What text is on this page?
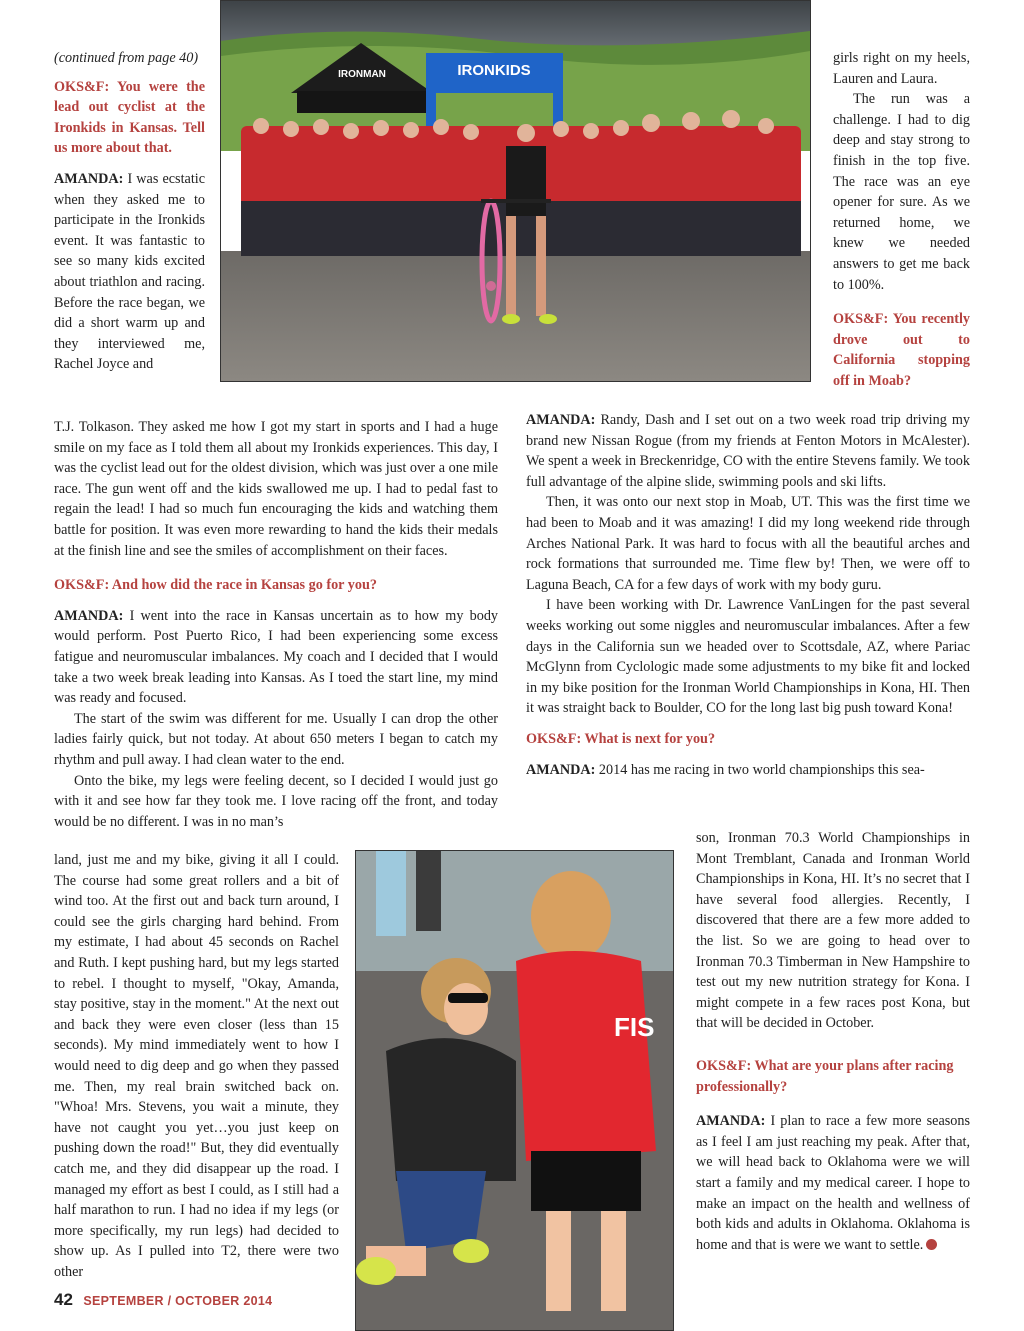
IRONMAN	IRONKIDS

(continued from page 40)

OKS&F: You were the lead out cyclist at the Ironkids in Kansas. Tell us more about that.

AMANDA: I was ecstatic when they asked me to participate in the Ironkids event. It was fantastic to see so many kids excited about triathlon and racing. Before the race began, we did a short warm up and they interviewed me, Rachel Joyce and

T.J. Tolkason. They asked me how I got my start in sports and I had a huge smile on my face as I told them all about my Ironkids experiences. This day, I was the cyclist lead out for the oldest division, which was just over a one mile race. The gun went off and the kids swallowed me up. I had to pedal fast to regain the lead! I had so much fun encouraging the kids and watching them battle for position. It was even more rewarding to hand the kids their medals at the finish line and see the smiles of accomplishment on their faces.

OKS&F: And how did the race in Kansas go for you?

AMANDA: I went into the race in Kansas uncertain as to how my body would perform. Post Puerto Rico, I had been experiencing some excess fatigue and neuromuscular imbalances. My coach and I decided that I would take a two week break leading into Kansas. As I toed the start line, my mind was ready and focused.

The start of the swim was different for me. Usually I can drop the other ladies fairly quick, but not today. At about 650 meters I began to catch my rhythm and pull away. I had clean water to the end.

Onto the bike, my legs were feeling decent, so I decided I would just go with it and see how far they took me. I love racing off the front, and today would be no different. I was in no man’s

land, just me and my bike, giving it all I could. The course had some great rollers and a bit of wind too. At the first out and back turn around, I could see the girls charging hard behind. From my estimate, I had about 45 seconds on Rachel and Ruth. I kept pushing hard, but my legs started to rebel. I thought to myself, "Okay, Amanda, stay positive, stay in the moment." At the next out and back they were even closer (less than 15 seconds). My mind immediately went to how I would need to dig deep and go when they passed me. Then, my real brain switched back on. "Whoa! Mrs. Stevens, you wait a minute, they have not caught you yet…you just keep on pushing down the road!" But, they did eventually catch me, and they did disappear up the road. I managed my effort as best I could, as I still had a half marathon to run. I had no idea if my legs (or more specifically, my run legs) had decided to show up. As I pulled into T2, there were two other

FIS

girls right on my heels, Lauren and Laura.

The run was a challenge. I had to dig deep and stay strong to finish in the top five. The race was an eye opener for sure. As we returned home, we knew we needed answers to get me back to 100%.

OKS&F: You recently drove out to California stopping off in Moab?

AMANDA: Randy, Dash and I set out on a two week road trip driving my brand new Nissan Rogue (from my friends at Fenton Motors in McAlester). We spent a week in Breckenridge, CO with the entire Stevens family. We took full advantage of the alpine slide, swimming pools and ski lifts.

Then, it was onto our next stop in Moab, UT. This was the first time we had been to Moab and it was amazing! I did my long weekend ride through Arches National Park. It was hard to focus with all the beautiful arches and rock formations that surrounded me. Time flew by! Then, we were off to Laguna Beach, CA for a few days of work with my body guru.

I have been working with Dr. Lawrence VanLingen for the past several weeks working out some niggles and neuromuscular imbalances. After a few days in the California sun we headed over to Scottsdale, AZ, where Pariac McGlynn from Cyclologic made some adjustments to my bike fit and locked in my bike position for the Ironman World Championships in Kona, HI. Then it was straight back to Boulder, CO for the long last big push toward Kona!

OKS&F: What is next for you?

AMANDA: 2014 has me racing in two world championships this sea-

son, Ironman 70.3 World Championships in Mont Tremblant, Canada and Ironman World Championships in Kona, HI. It’s no secret that I have several food allergies. Recently, I discovered that there are a few more added to the list. So we are going to head over to Ironman 70.3 Timberman in New Hampshire to test out my new nutrition strategy for Kona. I might compete in a few races post Kona, but that will be decided in October.

OKS&F: What are your plans after racing professionally?

AMANDA: I plan to race a few more seasons as I feel I am just reaching my peak. After that, we will head back to Oklahoma were we will start a family and my medical career. I hope to make an impact on the health and wellness of both kids and adults in Oklahoma. Oklahoma is home and that is were we want to settle.

42 SEPTEMBER / OCTOBER 2014
